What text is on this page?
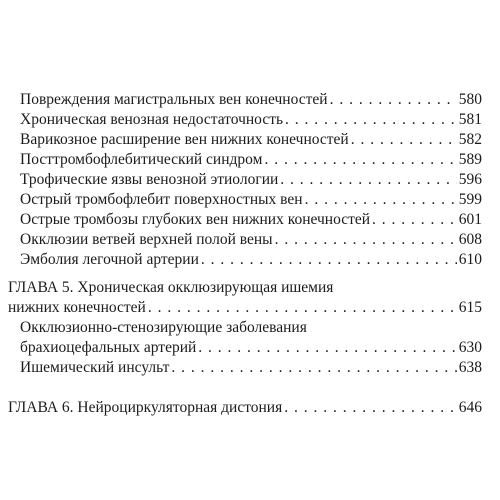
Повреждения магистральных вен конечностей . . .	580
Хроническая венозная недостаточность . . .	581
Варикозное расширение вен нижних конечностей . . .	582
Посттромбофлебитический синдром . . .	589
Трофические язвы венозной этиологии . . .	596
Острый тромбофлебит поверхностных вен . . .	599
Острые тромбозы глубоких вен нижних конечностей . . .	601
Окклюзии ветвей верхней полой вены . . .	608
Эмболия легочной артерии . . .	610
ГЛАВА 5. Хроническая окклюзирующая ишемия
нижних конечностей . . .	615
Окклюзионно-стенозирующие заболевания
брахиоцефальных артерий . . .	630
Ишемический инсульт . . .	638
ГЛАВА 6. Нейроциркуляторная дистония . . .	646
